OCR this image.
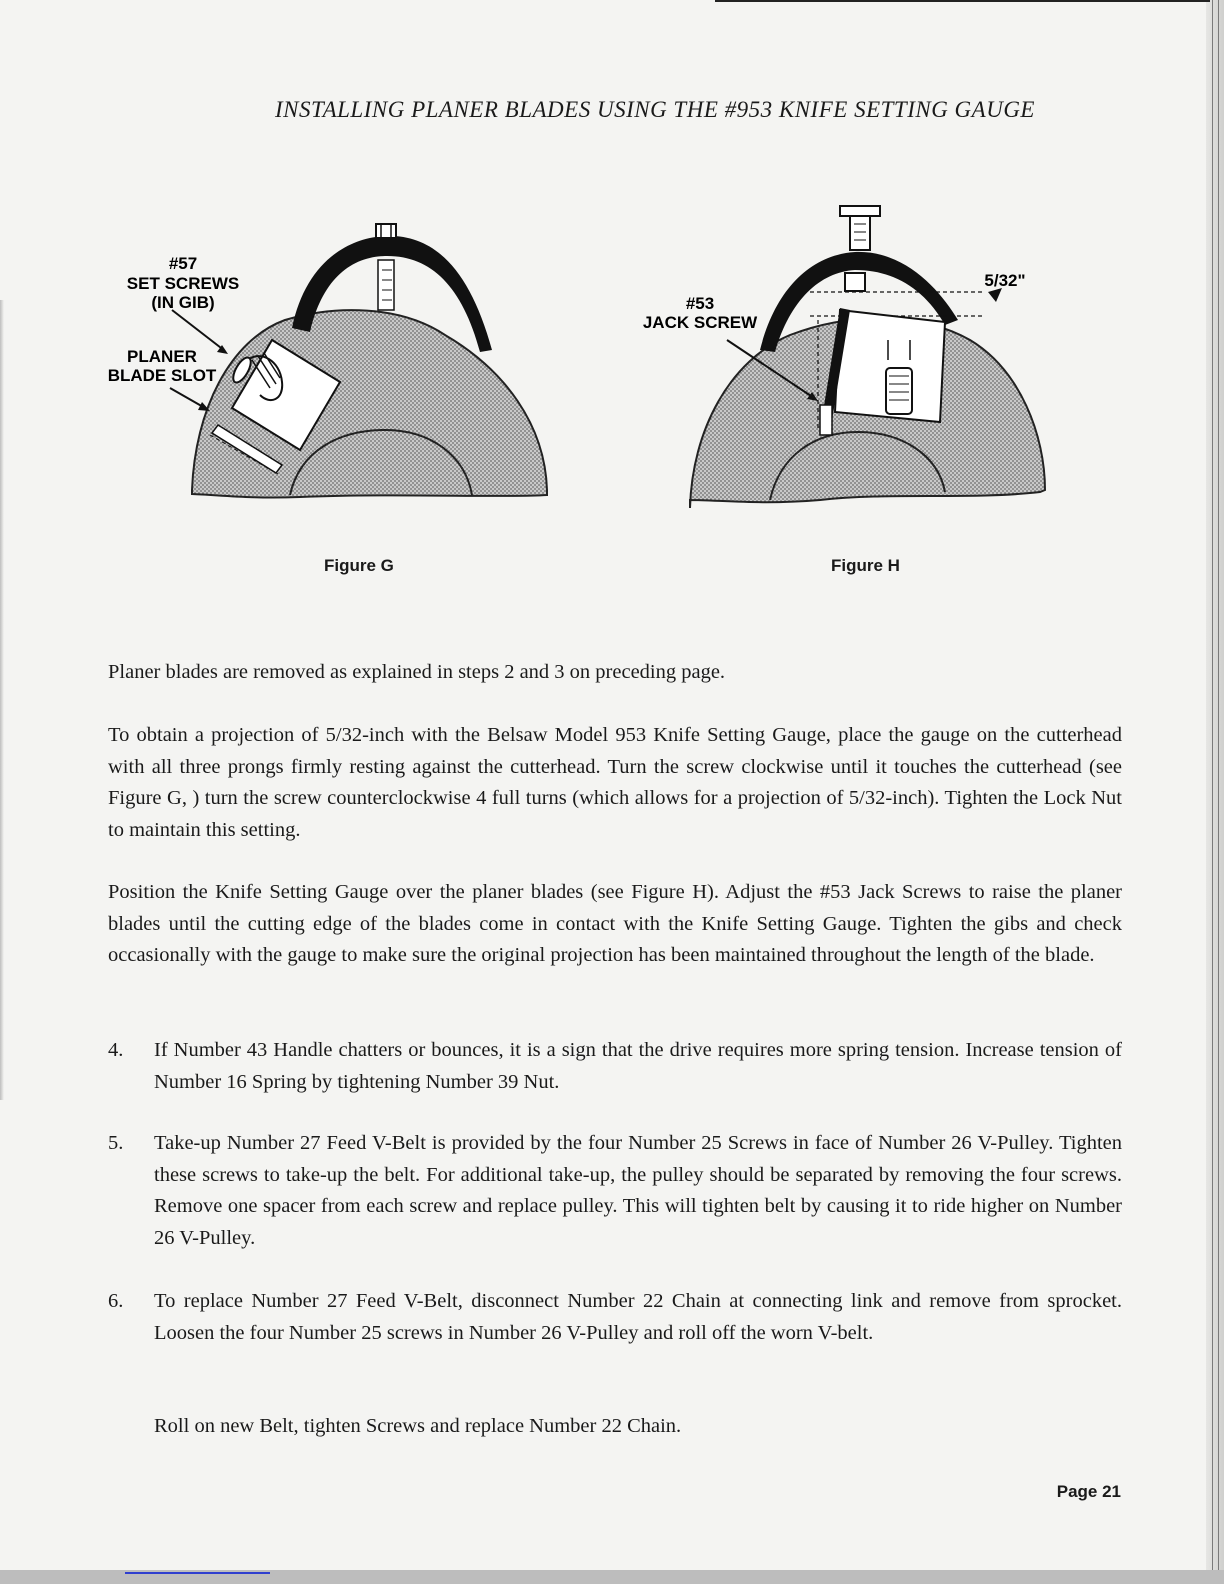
INSTALLING PLANER BLADES USING THE #953 KNIFE SETTING GAUGE
#57
SET SCREWS
(IN GIB)
PLANER
BLADE SLOT
Figure G
#53
JACK SCREW
5/32"
Figure H
Planer blades are removed as explained in steps 2 and 3 on preceding page.
To obtain a projection of 5/32-inch with the Belsaw Model 953 Knife Setting Gauge, place the gauge on the cutterhead with all three prongs firmly resting against the cutterhead. Turn the screw clockwise until it touches the cutterhead (see Figure G, ) turn the screw counterclockwise 4 full turns (which allows for a projection of 5/32-inch). Tighten the Lock Nut to maintain this setting.
Position the Knife Setting Gauge over the planer blades (see Figure H). Adjust the #53 Jack Screws to raise the planer blades until the cutting edge of the blades come in contact with the Knife Setting Gauge. Tighten the gibs and check occasionally with the gauge to make sure the original projection has been maintained throughout the length of the blade.
4. If Number 43 Handle chatters or bounces, it is a sign that the drive requires more spring tension. Increase tension of Number 16 Spring by tightening Number 39 Nut.
5. Take-up Number 27 Feed V-Belt is provided by the four Number 25 Screws in face of Number 26 V-Pulley. Tighten these screws to take-up the belt. For additional take-up, the pulley should be separated by removing the four screws. Remove one spacer from each screw and replace pulley. This will tighten belt by causing it to ride higher on Number 26 V-Pulley.
6. To replace Number 27 Feed V-Belt, disconnect Number 22 Chain at connecting link and remove from sprocket. Loosen the four Number 25 screws in Number 26 V-Pulley and roll off the worn V-belt.
Roll on new Belt, tighten Screws and replace Number 22 Chain.
Page 21
